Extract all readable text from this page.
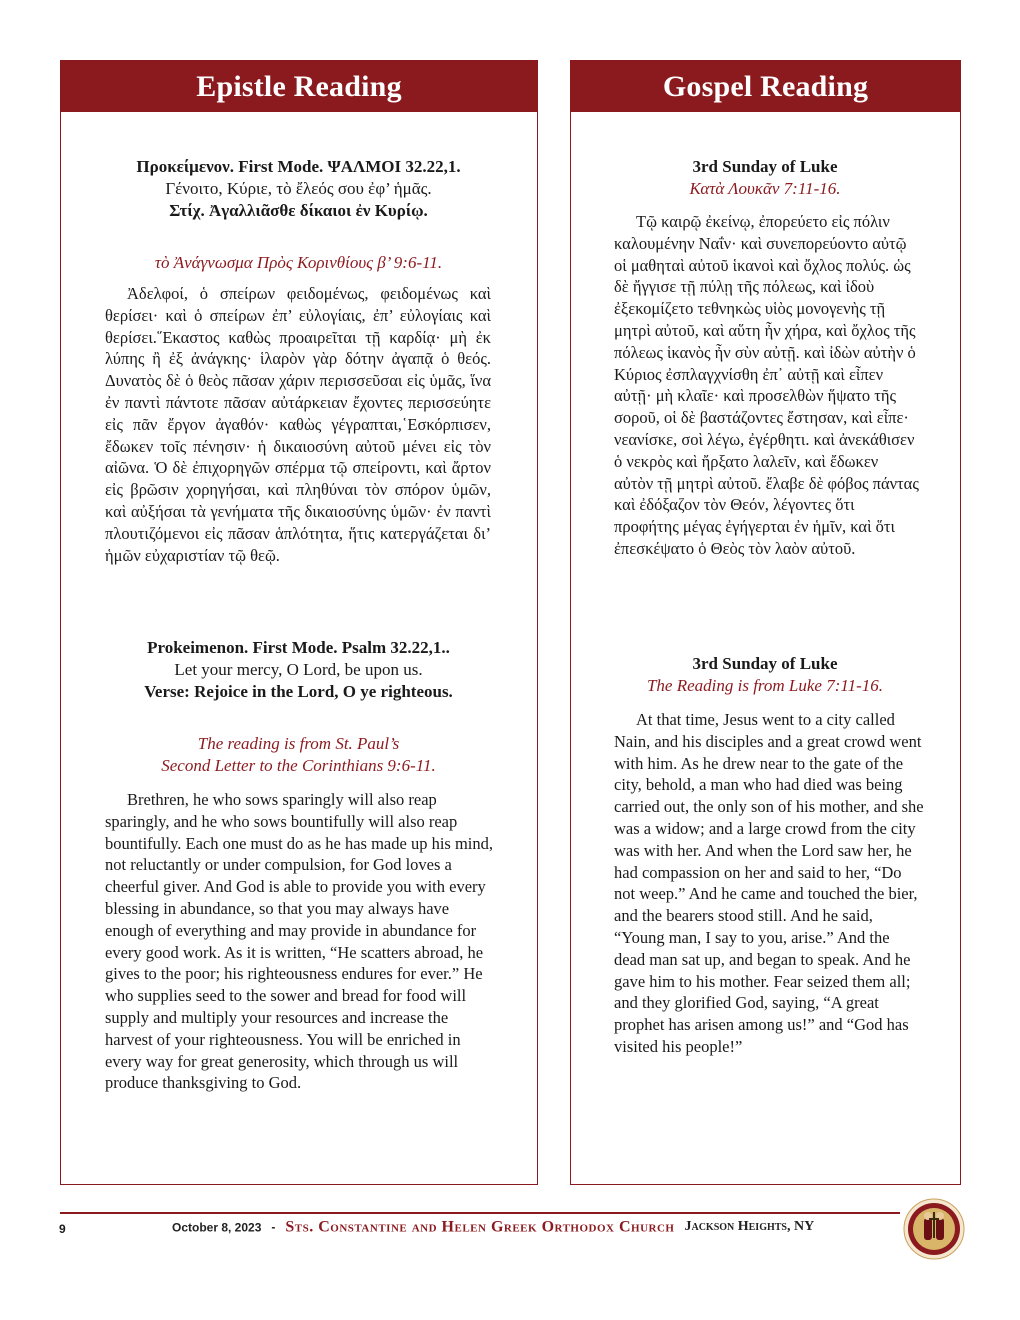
Epistle Reading
Προκείμενον. First Mode. ΨΑΛΜΟΙ 32.22,1.
Γένοιτο, Κύριε, τὸ ἔλεός σου ἐφ’ ἡμᾶς.
Στίχ. Ἀγαλλιᾶσθε δίκαιοι ἐν Κυρίῳ.
τὸ Ἀνάγνωσμα Πρὸς Κορινθίους β’ 9:6-11.
Ἀδελφοί, ὁ σπείρων φειδομένως, φειδομένως καὶ θερίσει· καὶ ὁ σπείρων ἐπ’ εὐλογίαις, ἐπ’ εὐλογίαις καὶ θερίσει.῞Εκαστος καθὼς προαιρεῖται τῇ καρδίᾳ· μὴ ἐκ λύπης ἢ ἐξ ἀνάγκης· ἱλαρὸν γὰρ δότην ἀγαπᾷ ὁ θεός. Δυνατὸς δὲ ὁ θεὸς πᾶσαν χάριν περισσεῦσαι εἰς ὑμᾶς, ἵνα ἐν παντὶ πάντοτε πᾶσαν αὐτάρκειαν ἔχοντες περισσεύητε εἰς πᾶν ἔργον ἀγαθόν· καθὼς γέγραπται,῾Εσκόρπισεν, ἔδωκεν τοῖς πένησιν· ἡ δικαιοσύνη αὐτοῦ μένει εἰς τὸν αἰῶνα. Ὁ δὲ ἐπιχορηγῶν σπέρμα τῷ σπείροντι, καὶ ἄρτον εἰς βρῶσιν χορηγήσαι, καὶ πληθύναι τὸν σπόρον ὑμῶν, καὶ αὐξήσαι τὰ γενήματα τῆς δικαιοσύνης ὑμῶν· ἐν παντὶ πλουτιζόμενοι εἰς πᾶσαν ἁπλότητα, ἥτις κατεργάζεται δι’ ἡμῶν εὐχαριστίαν τῷ θεῷ.
Prokeimenon. First Mode. Psalm 32.22,1..
Let your mercy, O Lord, be upon us.
Verse: Rejoice in the Lord, O ye righteous.
The reading is from St. Paul’s
Second Letter to the Corinthians 9:6-11.
Brethren, he who sows sparingly will also reap sparingly, and he who sows bountifully will also reap bountifully. Each one must do as he has made up his mind, not reluctantly or under compulsion, for God loves a cheerful giver. And God is able to provide you with every blessing in abundance, so that you may always have enough of everything and may provide in abundance for every good work. As it is written, “He scatters abroad, he gives to the poor; his righteousness endures for ever.” He who supplies seed to the sower and bread for food will supply and multiply your resources and increase the harvest of your righteousness. You will be enriched in every way for great generosity, which through us will produce thanksgiving to God.
Gospel Reading
3rd Sunday of Luke
Κατὰ Λουκᾶν 7:11-16.
Τῷ καιρῷ ἐκείνῳ, ἐπορεύετο εἰς πόλιν καλουμένην Ναΐν· καὶ συνεπορεύοντο αὐτῷ οἱ μαθηταὶ αὐτοῦ ἱκανοὶ καὶ ὄχλος πολύς. ὡς δὲ ἤγγισε τῇ πύλῃ τῆς πόλεως, καὶ ἰδοὺ ἐξεκομίζετο τεθνηκὼς υἱὸς μονογενὴς τῇ μητρὶ αὐτοῦ, καὶ αὕτη ἦν χήρα, καὶ ὄχλος τῆς πόλεως ἱκανὸς ἦν σὺν αὐτῇ. καὶ ἰδὼν αὐτὴν ὁ Κύριος ἐσπλαγχνίσθη ἐπ᾿ αὐτῇ καὶ εἶπεν αὐτῇ· μὴ κλαῖε· καὶ προσελθὼν ἥψατο τῆς σοροῦ, οἱ δὲ βαστάζοντες ἔστησαν, καὶ εἶπε· νεανίσκε, σοὶ λέγω, ἐγέρθητι. καὶ ἀνεκάθισεν ὁ νεκρὸς καὶ ἤρξατο λαλεῖν, καὶ ἔδωκεν αὐτὸν τῇ μητρὶ αὐτοῦ. ἔλαβε δὲ φόβος πάντας καὶ ἐδόξαζον τὸν Θεόν, λέγοντες ὅτι προφήτης μέγας ἐγήγερται ἐν ἡμῖν, καὶ ὅτι ἐπεσκέψατο ὁ Θεὸς τὸν λαὸν αὐτοῦ.
3rd Sunday of Luke
The Reading is from Luke 7:11-16.
At that time, Jesus went to a city called Nain, and his disciples and a great crowd went with him. As he drew near to the gate of the city, behold, a man who had died was being carried out, the only son of his mother, and she was a widow; and a large crowd from the city was with her. And when the Lord saw her, he had compassion on her and said to her, “Do not weep.” And he came and touched the bier, and the bearers stood still. And he said, “Young man, I say to you, arise.” And the dead man sat up, and began to speak. And he gave him to his mother. Fear seized them all; and they glorified God, saying, “A great prophet has arisen among us!” and “God has visited his people!”
9	October 8, 2023 - Sts. Constantine and Helen Greek Orthodox Church Jackson Heights, NY
